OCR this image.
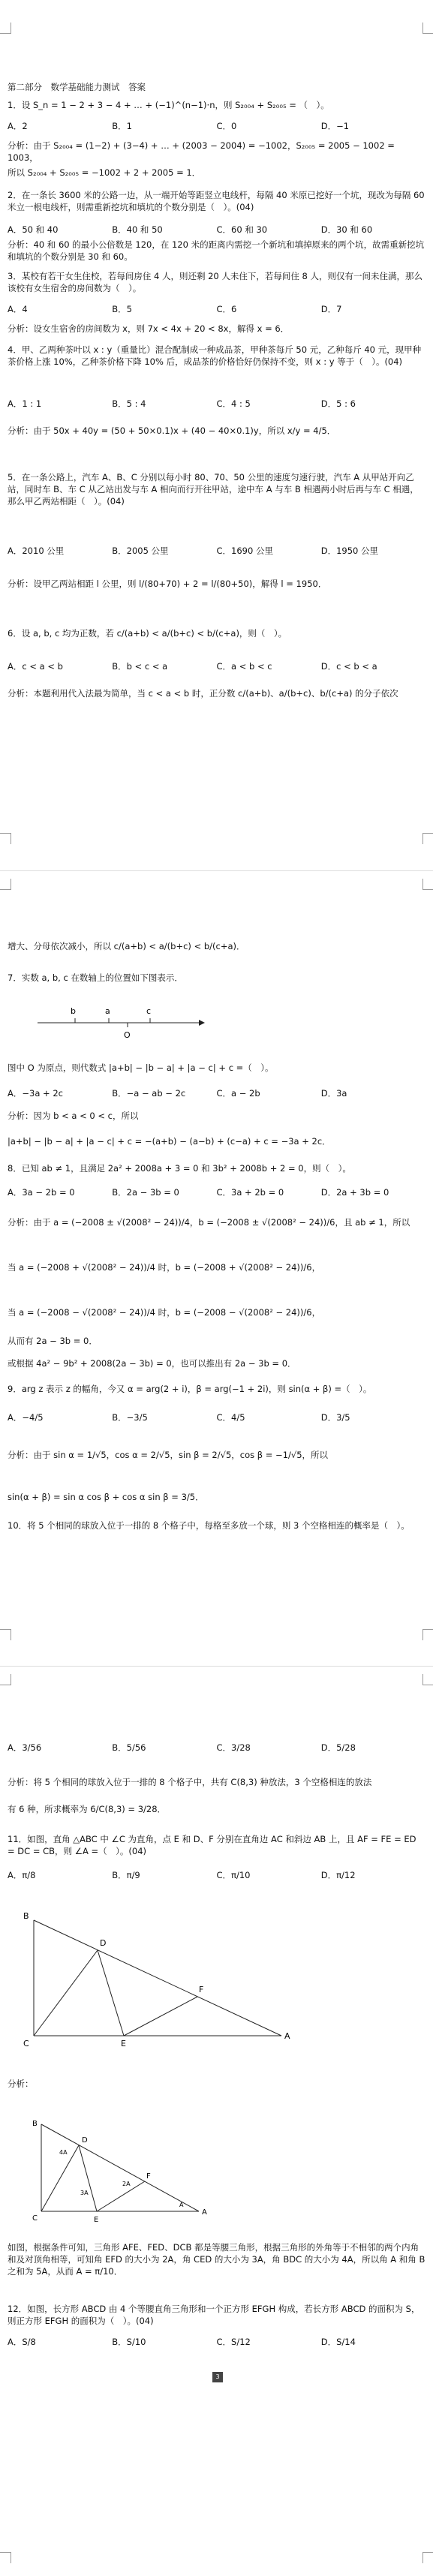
第二部分　数学基础能力测试　答案
1．设 S_n = 1 − 2 + 3 − 4 + … + (−1)^(n−1)·n，则 S₂₀₀₄ + S₂₀₀₅ = （　）。
A．2	B．1	C．0	D．−1
分析：由于 S₂₀₀₄ = (1−2) + (3−4) + … + (2003 − 2004) = −1002，S₂₀₀₅ = 2005 − 1002 = 1003，
所以 S₂₀₀₄ + S₂₀₀₅ = −1002 + 2 + 2005 = 1．
2．在一条长 3600 米的公路一边，从一端开始等距竖立电线杆，每隔 40 米原已挖好一个坑，现改为每隔 60 米立一根电线杆，则需重新挖坑和填坑的个数分别是（　）。(04)
A．50 和 40	B．40 和 50	C．60 和 30	D．30 和 60
分析：40 和 60 的最小公倍数是 120，在 120 米的距离内需挖一个新坑和填掉原来的两个坑，故需重新挖坑和填坑的个数分别是 30 和 60。
3．某校有若干女生住校，若每间房住 4 人，则还剩 20 人未住下，若每间住 8 人，则仅有一间未住满，那么该校有女生宿舍的房间数为（　）。
A．4	B．5	C．6	D．7
分析：设女生宿舍的房间数为 x，则 7x < 4x + 20 < 8x，解得 x = 6．
4．甲、乙两种茶叶以 x : y（重量比）混合配制成一种成品茶，甲种茶每斤 50 元，乙种每斤 40 元，现甲种茶价格上涨 10%，乙种茶价格下降 10% 后，成品茶的价格恰好仍保持不变，则 x : y 等于（　）。(04)
A．1 : 1	B．5 : 4	C．4 : 5	D．5 : 6
分析：由于 50x + 40y = (50 + 50×0.1)x + (40 − 40×0.1)y，所以 x/y = 4/5．
5．在一条公路上，汽车 A、B、C 分别以每小时 80、70、50 公里的速度匀速行驶，汽车 A 从甲站开向乙站，同时车 B、车 C 从乙站出发与车 A 相向而行开往甲站，途中车 A 与车 B 相遇两小时后再与车 C 相遇，那么甲乙两站相距（　）。(04)
A．2010 公里	B．2005 公里	C．1690 公里	D．1950 公里
分析：设甲乙两站相距 l 公里，则 l/(80+70) + 2 = l/(80+50)，解得 l = 1950．
6．设 a, b, c 均为正数，若 c/(a+b) < a/(b+c) < b/(c+a)，则（　）。
A．c < a < b	B．b < c < a	C．a < b < c	D．c < b < a
分析：本题利用代入法最为简单，当 c < a < b 时，正分数 c/(a+b)、a/(b+c)、b/(c+a) 的分子依次
增大、分母依次减小，所以 c/(a+b) < a/(b+c) < b/(c+a)．
7．实数 a, b, c 在数轴上的位置如下图表示．
b	a	c
O
图中 O 为原点，则代数式 |a+b| − |b − a| + |a − c| + c =（　）。
A．−3a + 2c	B．−a − ab − 2c	C．a − 2b	D．3a
分析：因为 b < a < 0 < c，所以
|a+b| − |b − a| + |a − c| + c = −(a+b) − (a−b) + (c−a) + c = −3a + 2c．
8．已知 ab ≠ 1，且满足 2a² + 2008a + 3 = 0 和 3b² + 2008b + 2 = 0，则（　）。
A．3a − 2b = 0	B．2a − 3b = 0	C．3a + 2b = 0	D．2a + 3b = 0
分析：由于 a = (−2008 ± √(2008² − 24))/4，b = (−2008 ± √(2008² − 24))/6，且 ab ≠ 1，所以
当 a = (−2008 + √(2008² − 24))/4 时，b = (−2008 + √(2008² − 24))/6，
当 a = (−2008 − √(2008² − 24))/4 时，b = (−2008 − √(2008² − 24))/6，
从而有 2a − 3b = 0．
或根据 4a² − 9b² + 2008(2a − 3b) = 0，也可以推出有 2a − 3b = 0．
9．arg z 表示 z 的幅角，今又 α = arg(2 + i)，β = arg(−1 + 2i)，则 sin(α + β) =（　）。
A．−4/5	B．−3/5	C．4/5	D．3/5
分析：由于 sin α = 1/√5，cos α = 2/√5，sin β = 2/√5，cos β = −1/√5，所以
sin(α + β) = sin α cos β + cos α sin β = 3/5．
10．将 5 个相同的球放入位于一排的 8 个格子中，每格至多放一个球，则 3 个空格相连的概率是（　）。
A．3/56	B．5/56	C．3/28	D．5/28
分析：将 5 个相同的球放入位于一排的 8 个格子中，共有 C(8,3) 种放法，3 个空格相连的放法
有 6 种，所求概率为 6/C(8,3) = 3/28．
11．如图，直角 △ABC 中 ∠C 为直角，点 E 和 D、F 分别在直角边 AC 和斜边 AB 上，且 AF = FE = ED = DC = CB，则 ∠A =（　）。(04)
A．π/8	B．π/9	C．π/10	D．π/12
B
D
F
C	E
A
分析：
B
D
C	E
F
A
4A
3A
2A
A
如图，根据条件可知，三角形 AFE、FED、DCB 都是等腰三角形，根据三角形的外角等于不相邻的两个内角和及对顶角相等，可知角 EFD 的大小为 2A，角 CED 的大小为 3A，角 BDC 的大小为 4A，所以角 A 和角 B 之和为 5A，从而 A = π/10．
12．如图，长方形 ABCD 由 4 个等腰直角三角形和一个正方形 EFGH 构成，若长方形 ABCD 的面积为 S，则正方形 EFGH 的面积为（　）。(04)
A．S/8	B．S/10	C．S/12	D．S/14
3
